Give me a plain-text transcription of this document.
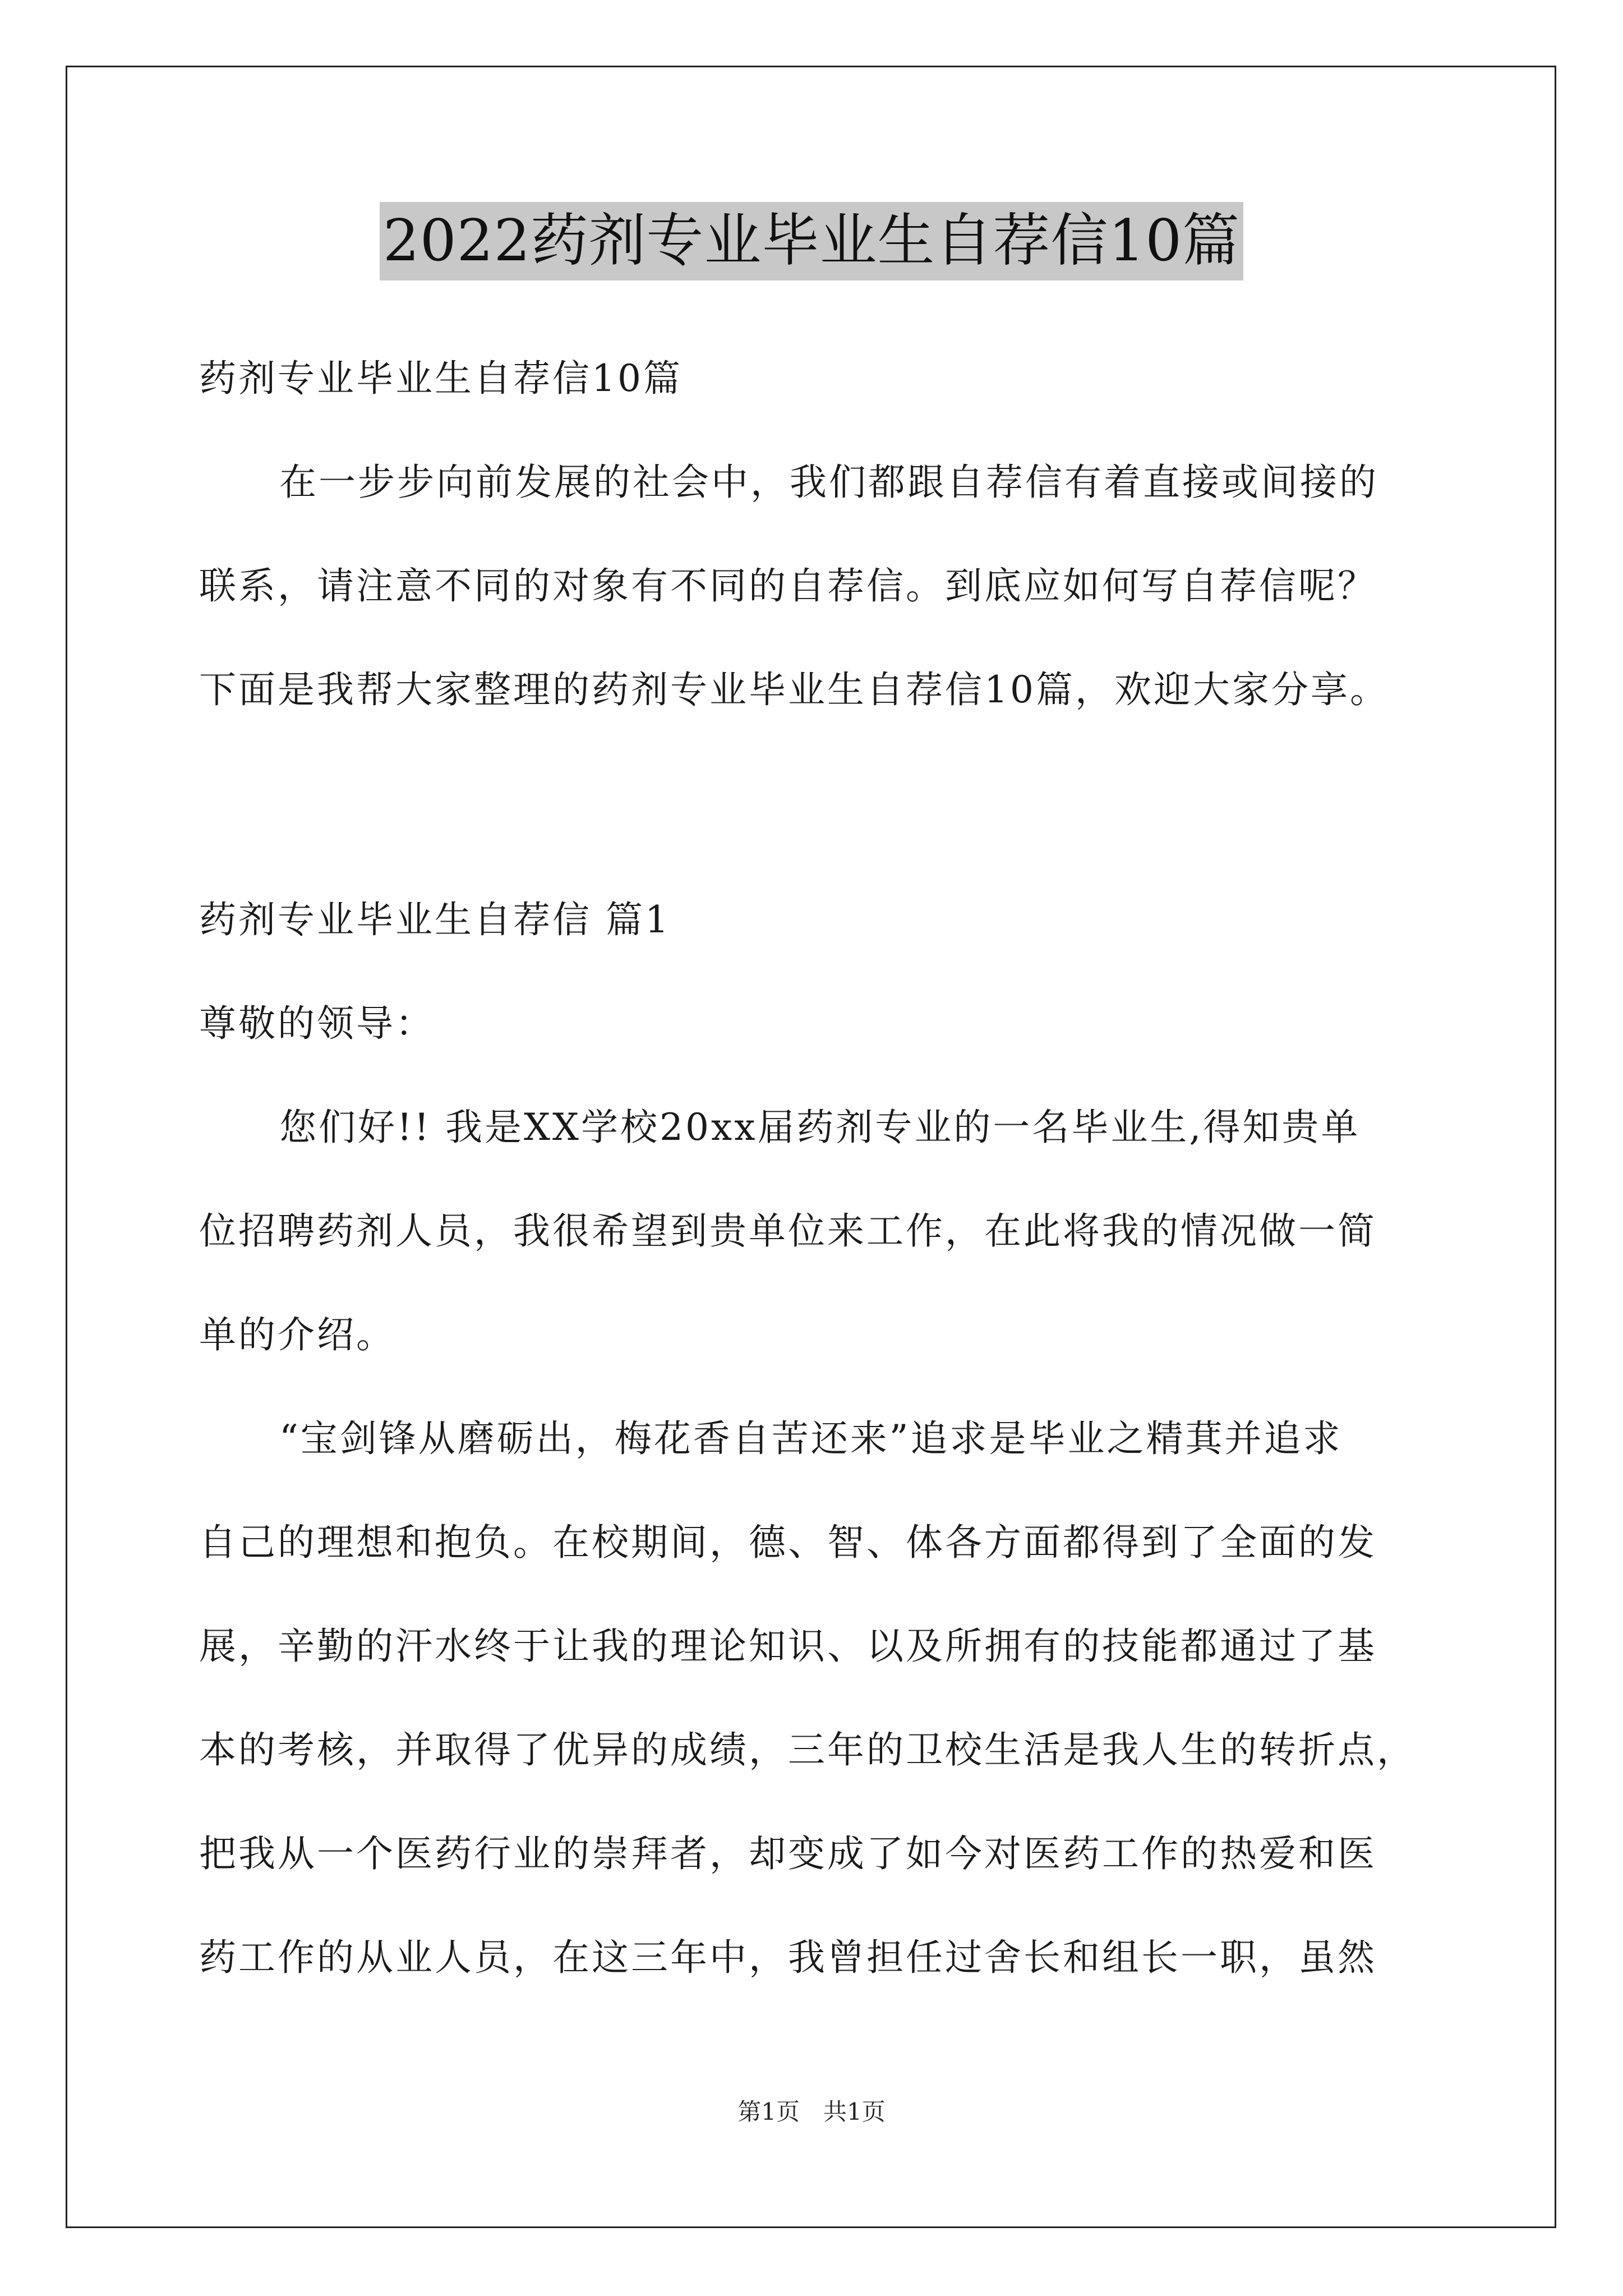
2022药剂专业毕业生自荐信10篇
药剂专业毕业生自荐信10篇
在一步步向前发展的社会中，我们都跟自荐信有着直接或间接的
联系，请注意不同的对象有不同的自荐信。到底应如何写自荐信呢？
下面是我帮大家整理的药剂专业毕业生自荐信10篇，欢迎大家分享。
药剂专业毕业生自荐信 篇1
尊敬的领导：
您们好!! 我是XX学校20xx届药剂专业的一名毕业生,得知贵单
位招聘药剂人员，我很希望到贵单位来工作，在此将我的情况做一简
单的介绍。
“宝剑锋从磨砺出，梅花香自苦还来”追求是毕业之精萁并追求
自己的理想和抱负。在校期间，德、智、体各方面都得到了全面的发
展，辛勤的汗水终于让我的理论知识、以及所拥有的技能都通过了基
本的考核，并取得了优异的成绩，三年的卫校生活是我人生的转折点，
把我从一个医药行业的崇拜者，却变成了如今对医药工作的热爱和医
药工作的从业人员，在这三年中，我曾担任过舍长和组长一职，虽然
第1页　共1页
